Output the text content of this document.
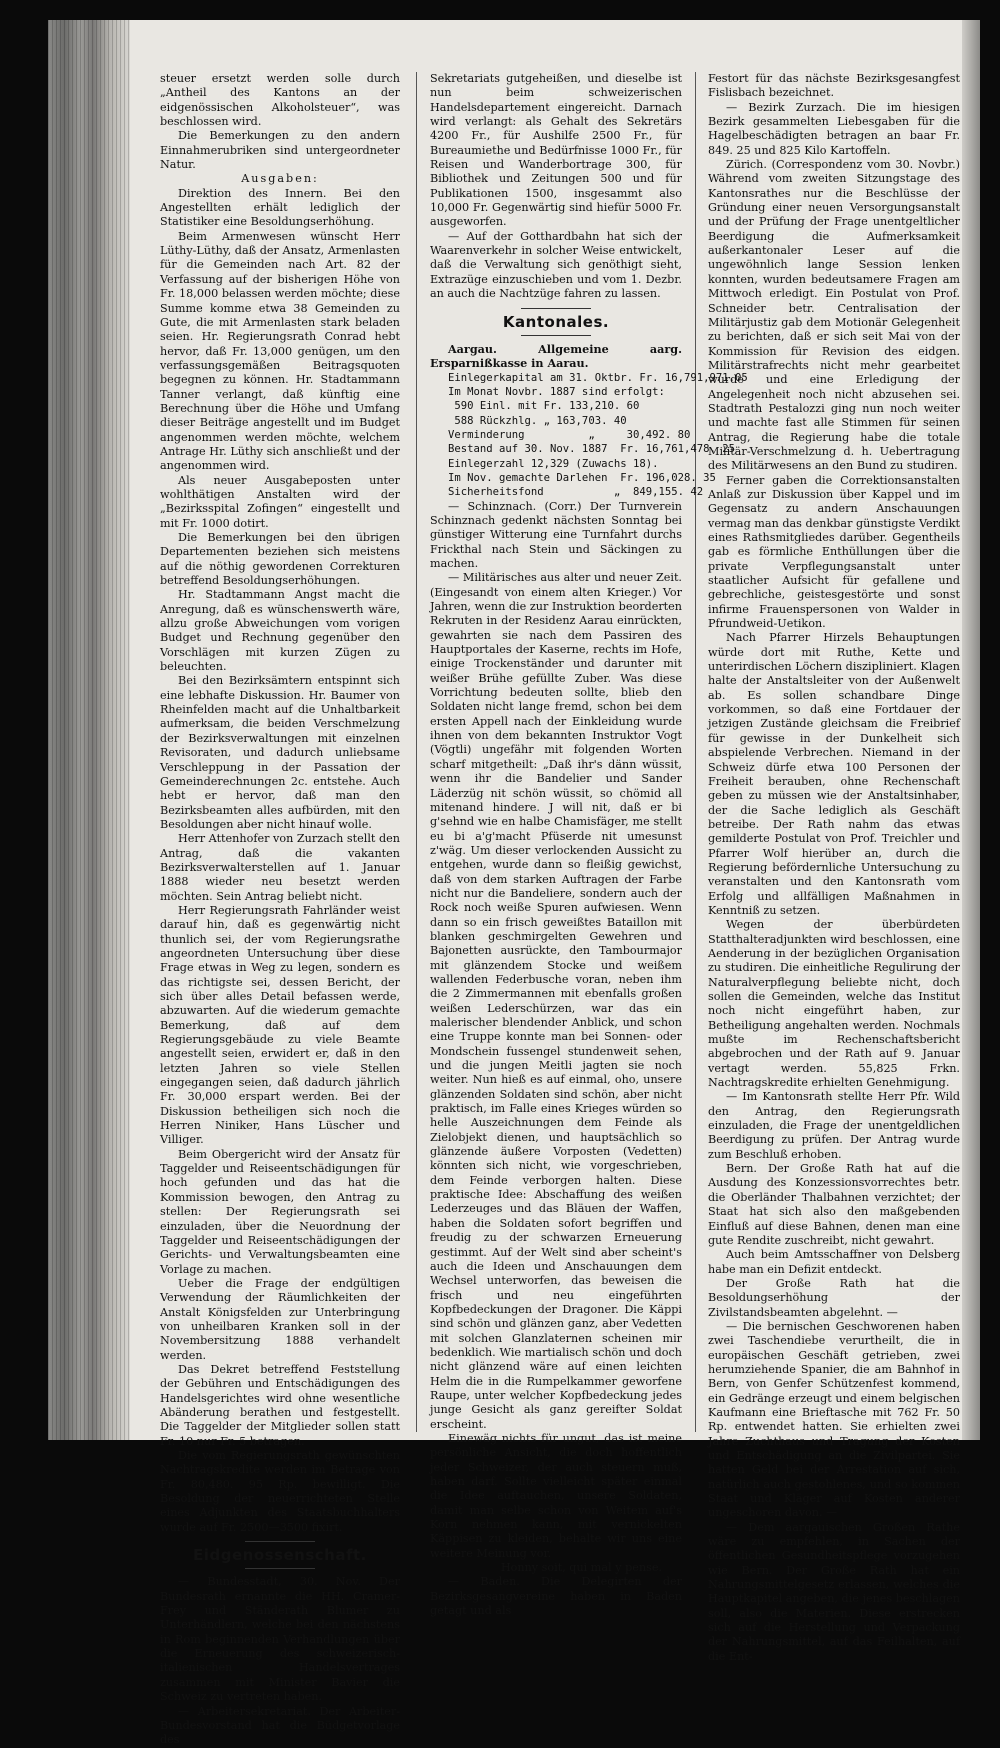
steuer ersetzt werden solle durch „Antheil des Kantons an der eidgenössischen Alkoholsteuer“, was beschlossen wird.

Die Bemerkungen zu den andern Einnahmerubriken sind untergeordneter Natur.

Ausgaben:

Direktion des Innern. Bei den Angestellten erhält lediglich der Statistiker eine Besoldungserhöhung.

Beim Armenwesen wünscht Herr Lüthy-Lüthy, daß der Ansatz, Armenlasten für die Gemeinden nach Art. 82 der Verfassung auf der bisherigen Höhe von Fr. 18,000 belassen werden möchte; diese Summe komme etwa 38 Gemeinden zu Gute, die mit Armenlasten stark beladen seien. Hr. Regierungsrath Conrad hebt hervor, daß Fr. 13,000 genügen, um den verfassungsgemäßen Beitragsquoten begegnen zu können. Hr. Stadtammann Tanner verlangt, daß künftig eine Berechnung über die Höhe und Umfang dieser Beiträge angestellt und im Budget angenommen werden möchte, welchem Antrage Hr. Lüthy sich anschließt und der angenommen wird.

Als neuer Ausgabeposten unter wohlthätigen Anstalten wird der „Bezirksspital Zofingen“ eingestellt und mit Fr. 1000 dotirt.

Die Bemerkungen bei den übrigen Departementen beziehen sich meistens auf die nöthig gewordenen Correkturen betreffend Besoldungserhöhungen.

Hr. Stadtammann Angst macht die Anregung, daß es wünschenswerth wäre, allzu große Abweichungen vom vorigen Budget und Rechnung gegenüber den Vorschlägen mit kurzen Zügen zu beleuchten.

Bei den Bezirksämtern entspinnt sich eine lebhafte Diskussion. Hr. Baumer von Rheinfelden macht auf die Unhaltbarkeit aufmerksam, die beiden Verschmelzung der Bezirksverwaltungen mit einzelnen Revisoraten, und dadurch unliebsame Verschleppung in der Passation der Gemeinderechnungen 2c. entstehe. Auch hebt er hervor, daß man den Bezirksbeamten alles aufbürden, mit den Besoldungen aber nicht hinauf wolle.

Herr Attenhofer von Zurzach stellt den Antrag, daß die vakanten Bezirksverwalterstellen auf 1. Januar 1888 wieder neu besetzt werden möchten. Sein Antrag beliebt nicht.

Herr Regierungsrath Fahrländer weist darauf hin, daß es gegenwärtig nicht thunlich sei, der vom Regierungsrathe angeordneten Untersuchung über diese Frage etwas in Weg zu legen, sondern es das richtigste sei, dessen Bericht, der sich über alles Detail befassen werde, abzuwarten. Auf die wiederum gemachte Bemerkung, daß auf dem Regierungsgebäude zu viele Beamte angestellt seien, erwidert er, daß in den letzten Jahren so viele Stellen eingegangen seien, daß dadurch jährlich Fr. 30,000 erspart werden. Bei der Diskussion betheiligen sich noch die Herren Niniker, Hans Lüscher und Villiger.

Beim Obergericht wird der Ansatz für Taggelder und Reiseentschädigungen für hoch gefunden und das hat die Kommission bewogen, den Antrag zu stellen: Der Regierungsrath sei einzuladen, über die Neuordnung der Taggelder und Reiseentschädigungen der Gerichts- und Verwaltungsbeamten eine Vorlage zu machen.

Ueber die Frage der endgültigen Verwendung der Räumlichkeiten der Anstalt Königsfelden zur Unterbringung von unheilbaren Kranken soll in der Novembersitzung 1888 verhandelt werden.

Das Dekret betreffend Feststellung der Gebühren und Entschädigungen des Handelsgerichtes wird ohne wesentliche Abänderung berathen und festgestellt. Die Taggelder der Mitglieder sollen statt Fr. 10 nur Fr. 5 betragen.

Die vom Regierungsrath gewünschten Nachtragskredite werden im Betrage von Fr. 80,480. 95 Rp. bewilligt. Die Besoldung der neuerrichteten Stelle eines Adjunkten des Staatsbuchhalters wurde auf Fr. 2500—3500 fixirt.

Eidgenossenschaft.

— Bundesstadt, 30. Nov. Der Bundesrath ernannte die HH. Cramer-Frey und Ständerath Blumer zu Unterhändlern, welche bei den nächstens in Rom beginnenden Verhandlungen über die Erneuerung des schweizerisch-italienischen Handelsvertrages zusammen mit Minister Bavier die Schweiz zu vertreten haben.

— Arbeitersekretariat. Der Arbeiter-Bundesvorstand hat die Büdgetvorlage des

Sekretariats gutgeheißen, und dieselbe ist nun beim schweizerischen Handelsdepartement eingereicht. Darnach wird verlangt: als Gehalt des Sekretärs 4200 Fr., für Aushilfe 2500 Fr., für Bureaumiethe und Bedürfnisse 1000 Fr., für Reisen und Wanderbortrage 300, für Bibliothek und Zeitungen 500 und für Publikationen 1500, insgesammt also 10,000 Fr. Gegenwärtig sind hiefür 5000 Fr. ausgeworfen.

— Auf der Gotthardbahn hat sich der Waarenverkehr in solcher Weise entwickelt, daß die Verwaltung sich genöthigt sieht, Extrazüge einzuschieben und vom 1. Dezbr. an auch die Nachtzüge fahren zu lassen.

Kantonales.

Aargau. Allgemeine aarg. Ersparnißkasse in Aarau.

Einlegerkapital am 31. Oktbr. Fr. 16,791,971.05

Im Monat Novbr. 1887 sind erfolgt:

590 Einl. mit Fr. 133,210. 60

588 Rückzhlg. „ 163,703. 40

Verminderung          „     30,492. 80

Bestand auf 30. Nov. 1887  Fr. 16,761,478. 25

Einlegerzahl 12,329 (Zuwachs 18).

Im Nov. gemachte Darlehen  Fr. 196,028. 35

Sicherheitsfond           „  849,155. 42

— Schinznach. (Corr.) Der Turnverein Schinznach gedenkt nächsten Sonntag bei günstiger Witterung eine Turnfahrt durchs Frickthal nach Stein und Säckingen zu machen.

— Militärisches aus alter und neuer Zeit. (Eingesandt von einem alten Krieger.) Vor Jahren, wenn die zur Instruktion beorderten Rekruten in der Residenz Aarau einrückten, gewahrten sie nach dem Passiren des Hauptportales der Kaserne, rechts im Hofe, einige Trockenständer und darunter mit weißer Brühe gefüllte Zuber. Was diese Vorrichtung bedeuten sollte, blieb den Soldaten nicht lange fremd, schon bei dem ersten Appell nach der Einkleidung wurde ihnen von dem bekannten Instruktor Vogt (Vögtli) ungefähr mit folgenden Worten scharf mitgetheilt: „Daß ihr's dänn wüssit, wenn ihr die Bandelier und Sander Läderzüg nit schön wüssit, so chömid all mitenand hindere. J will nit, daß er bi g'sehnd wie en halbe Chamisfäger, me stellt eu bi a'g'macht Pfüserde nit umesunst z'wäg. Um dieser verlockenden Aussicht zu entgehen, wurde dann so fleißig gewichst, daß von dem starken Auftragen der Farbe nicht nur die Bandeliere, sondern auch der Rock noch weiße Spuren aufwiesen. Wenn dann so ein frisch geweißtes Bataillon mit blanken geschmirgelten Gewehren und Bajonetten ausrückte, den Tambourmajor mit glänzendem Stocke und weißem wallenden Federbusche voran, neben ihm die 2 Zimmermannen mit ebenfalls großen weißen Lederschürzen, war das ein malerischer blendender Anblick, und schon eine Truppe konnte man bei Sonnen- oder Mondschein fussengel stundenweit sehen, und die jungen Meitli jagten sie noch weiter. Nun hieß es auf einmal, oho, unsere glänzenden Soldaten sind schön, aber nicht praktisch, im Falle eines Krieges würden so helle Auszeichnungen dem Feinde als Zielobjekt dienen, und hauptsächlich so glänzende äußere Vorposten (Vedetten) könnten sich nicht, wie vorgeschrieben, dem Feinde verborgen halten. Diese praktische Idee: Abschaffung des weißen Lederzeuges und das Bläuen der Waffen, haben die Soldaten sofort begriffen und freudig zu der schwarzen Erneuerung gestimmt. Auf der Welt sind aber scheint's auch die Ideen und Anschauungen dem Wechsel unterworfen, das beweisen die frisch und neu eingeführten Kopfbedeckungen der Dragoner. Die Käppi sind schön und glänzen ganz, aber Vedetten mit solchen Glanzlaternen scheinen mir bedenklich. Wie martialisch schön und doch nicht glänzend wäre auf einen leichten Helm die in die Rumpelkammer geworfene Raupe, unter welcher Kopfbedeckung jedes junge Gesicht als ganz gereifter Soldat erscheint.

Einewäg nichts für ungut, das ist meine persönliche Ansicht, die doch hoffentlich jeder Schweizer, der auch steuern muß, haben darf. Sollte vielleicht später einmal die Idee auftauchen, unsere Soldaten, damit man selbe schon von Weitem auf's Korn nehmen kann, mit vernickelten Käppisen zu kleiden, behalte wir uns eine weitere Meinung vor.

Honny soit, qui mal y pense.

— Baden. Die Delegirten der Bezirksgesangvereine haben in Baden getagt und als

Festort für das nächste Bezirksgesangfest Fislisbach bezeichnet.

— Bezirk Zurzach. Die im hiesigen Bezirk gesammelten Liebesgaben für die Hagelbeschädigten betragen an baar Fr. 849. 25 und 825 Kilo Kartoffeln.

Zürich. (Correspondenz vom 30. Novbr.) Während vom zweiten Sitzungstage des Kantonsrathes nur die Beschlüsse der Gründung einer neuen Versorgungsanstalt und der Prüfung der Frage unentgeltlicher Beerdigung die Aufmerksamkeit außerkantonaler Leser auf die ungewöhnlich lange Session lenken konnten, wurden bedeutsamere Fragen am Mittwoch erledigt. Ein Postulat von Prof. Schneider betr. Centralisation der Militärjustiz gab dem Motionär Gelegenheit zu berichten, daß er sich seit Mai von der Kommission für Revision des eidgen. Militärstrafrechts nicht mehr gearbeitet wurde und eine Erledigung der Angelegenheit noch nicht abzusehen sei. Stadtrath Pestalozzi ging nun noch weiter und machte fast alle Stimmen für seinen Antrag, die Regierung habe die totale Militär-Verschmelzung d. h. Uebertragung des Militärwesens an den Bund zu studiren.

Ferner gaben die Correktionsanstalten Anlaß zur Diskussion über Kappel und im Gegensatz zu andern Anschauungen vermag man das denkbar günstigste Verdikt eines Rathsmitgliedes darüber. Gegentheils gab es förmliche Enthüllungen über die private Verpflegungsanstalt unter staatlicher Aufsicht für gefallene und gebrechliche, geistesgestörte und sonst infirme Frauenspersonen von Walder in Pfrundweid-Uetikon.

Nach Pfarrer Hirzels Behauptungen würde dort mit Ruthe, Kette und unterirdischen Löchern diszipliniert. Klagen halte der Anstaltsleiter von der Außenwelt ab. Es sollen schandbare Dinge vorkommen, so daß eine Fortdauer der jetzigen Zustände gleichsam die Freibrief für gewisse in der Dunkelheit sich abspielende Verbrechen. Niemand in der Schweiz dürfe etwa 100 Personen der Freiheit berauben, ohne Rechenschaft geben zu müssen wie der Anstaltsinhaber, der die Sache lediglich als Geschäft betreibe. Der Rath nahm das etwas gemilderte Postulat von Prof. Treichler und Pfarrer Wolf hierüber an, durch die Regierung befördernliche Untersuchung zu veranstalten und den Kantonsrath vom Erfolg und allfälligen Maßnahmen in Kenntniß zu setzen.

Wegen der überbürdeten Statthalteradjunkten wird beschlossen, eine Aenderung in der bezüglichen Organisation zu studiren. Die einheitliche Regulirung der Naturalverpflegung beliebte nicht, doch sollen die Gemeinden, welche das Institut noch nicht eingeführt haben, zur Betheiligung angehalten werden. Nochmals mußte im Rechenschaftsbericht abgebrochen und der Rath auf 9. Januar vertagt werden. 55,825 Frkn. Nachtragskredite erhielten Genehmigung.

— Im Kantonsrath stellte Herr Pfr. Wild den Antrag, den Regierungsrath einzuladen, die Frage der unentgeldlichen Beerdigung zu prüfen. Der Antrag wurde zum Beschluß erhoben.

Bern. Der Große Rath hat auf die Ausdung des Konzessionsvorrechtes betr. die Oberländer Thalbahnen verzichtet; der Staat hat sich also den maßgebenden Einfluß auf diese Bahnen, denen man eine gute Rendite zuschreibt, nicht gewahrt.

Auch beim Amtsschaffner von Delsberg habe man ein Defizit entdeckt.

Der Große Rath hat die Besoldungserhöhung der Zivilstandsbeamten abgelehnt. —

— Die bernischen Geschworenen haben zwei Taschendiebe verurtheilt, die in europäischen Geschäft getrieben, zwei herumziehende Spanier, die am Bahnhof in Bern, von Genfer Schützenfest kommend, ein Gedränge erzeugt und einem belgischen Kaufmann eine Brieftasche mit 762 Fr. 50 Rp. entwendet hatten. Sie erhielten zwei Jahre Zuchthaus und Tragung der Kosten und Entschädigung an die Zivilpartei. Sie hatten Geld bei der Arrestation auf sich, natürlich auch gestohlenes, und so kommen Staat und Kläger auf Kosten anderer ungeschoren davon. —

— Dem aargauischen Großen Rathe wäre zu empfehlen, in Sachen der öffentlichen Gesundheitspflege vorzugehen wie Bern. Der Große Rath hat ein Nahrungsmittelgesetz erlassen, welches die Hauptkapitel angeben, die jenes beschlagen soll, also die Materien. Diese erstrecken sich auf die Herstellung und Verpackung der Nahrungsmittel, auf das Feilhalten, auf die Ent-
